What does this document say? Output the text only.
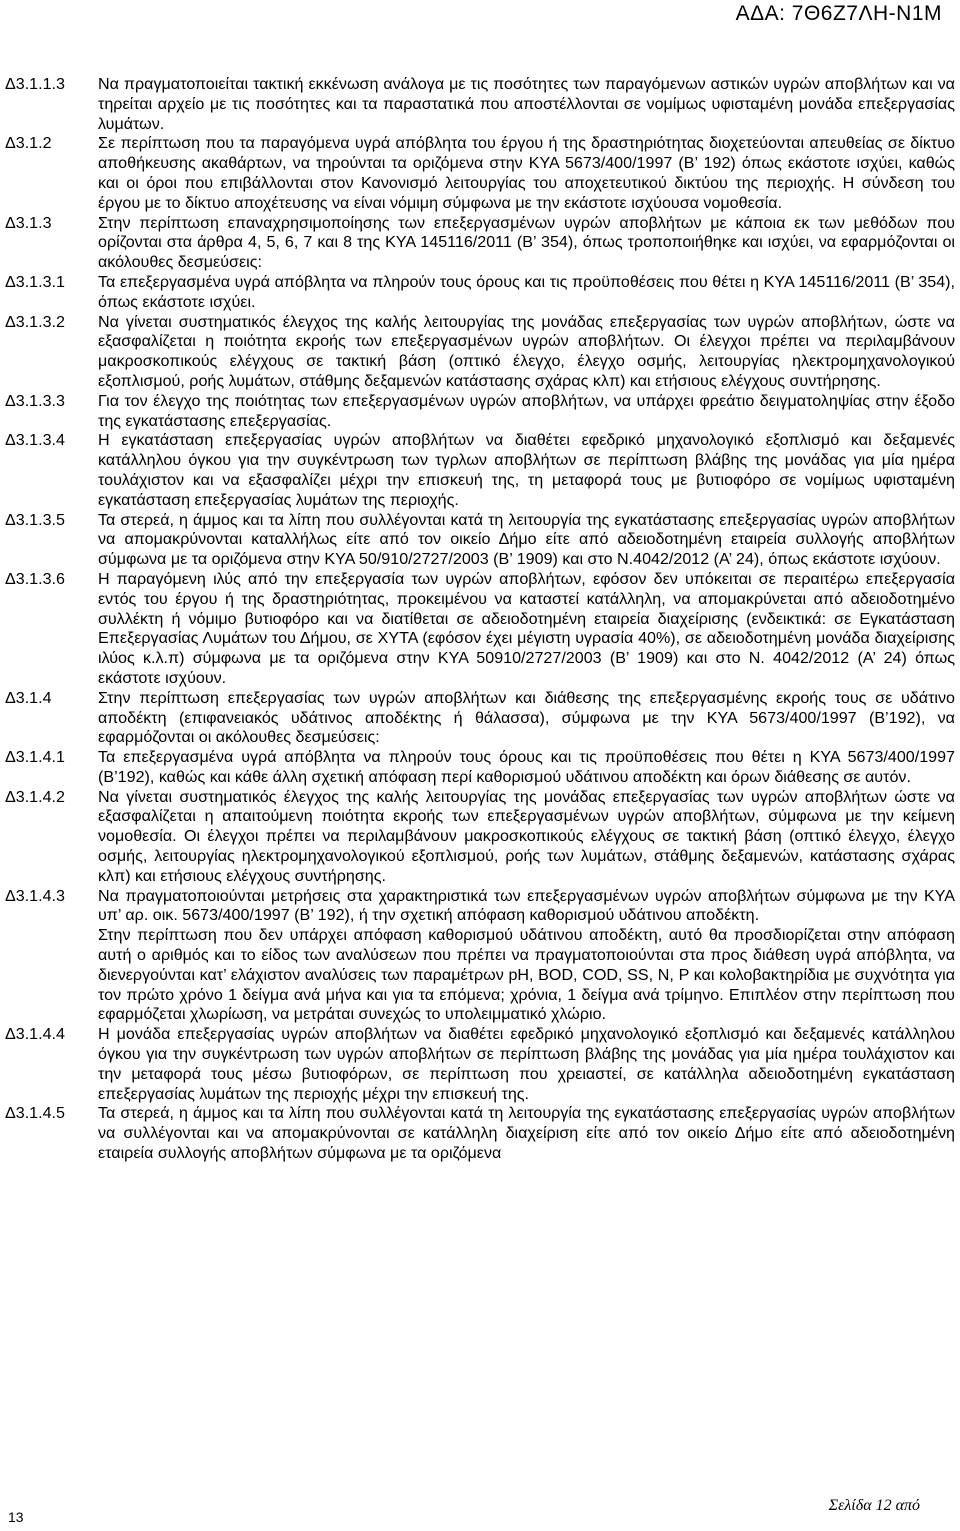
ΑΔΑ: 7Θ6Ζ7ΛΗ-Ν1Μ
Δ3.1.1.3	Να πραγματοποιείται τακτική εκκένωση ανάλογα με τις ποσότητες των παραγόμενων αστικών υγρών αποβλήτων και να τηρείται αρχείο με τις ποσότητες και τα παραστατικά που αποστέλλονται σε νομίμως υφισταμένη μονάδα επεξεργασίας λυμάτων.
Δ3.1.2	Σε περίπτωση που τα παραγόμενα υγρά απόβλητα του έργου ή της δραστηριότητας διοχετεύονται απευθείας σε δίκτυο αποθήκευσης ακαθάρτων, να τηρούνται τα οριζόμενα στην ΚΥΑ 5673/400/1997 (Β’ 192) όπως εκάστοτε ισχύει, καθώς και οι όροι που επιβάλλονται στον Κανονισμό λειτουργίας του αποχετευτικού δικτύου της περιοχής. Η σύνδεση του έργου με το δίκτυο αποχέτευσης να είναι νόμιμη σύμφωνα με την εκάστοτε ισχύουσα νομοθεσία.
Δ3.1.3	Στην περίπτωση επαναχρησιμοποίησης των επεξεργασμένων υγρών αποβλήτων με κάποια εκ των μεθόδων που ορίζονται στα άρθρα 4, 5, 6, 7 και 8 της ΚΥΑ 145116/2011 (Β’ 354), όπως τροποποιήθηκε και ισχύει, να εφαρμόζονται οι ακόλουθες δεσμεύσεις:
Δ3.1.3.1	Τα επεξεργασμένα υγρά απόβλητα να πληρούν τους όρους και τις προϋποθέσεις που θέτει η ΚΥΑ 145116/2011 (Β’ 354), όπως εκάστοτε ισχύει.
Δ3.1.3.2	Να γίνεται συστηματικός έλεγχος της καλής λειτουργίας της μονάδας επεξεργασίας των υγρών αποβλήτων, ώστε να εξασφαλίζεται η ποιότητα εκροής των επεξεργασμένων υγρών αποβλήτων. Οι έλεγχοι πρέπει να περιλαμβάνουν μακροσκοπικούς ελέγχους σε τακτική βάση (οπτικό έλεγχο, έλεγχο οσμής, λειτουργίας ηλεκτρομηχανολογικού εξοπλισμού, ροής λυμάτων, στάθμης δεξαμενών κατάστασης σχάρας κλπ) και ετήσιους ελέγχους συντήρησης.
Δ3.1.3.3	Για τον έλεγχο της ποιότητας των επεξεργασμένων υγρών αποβλήτων, να υπάρχει φρεάτιο δειγματοληψίας στην έξοδο της εγκατάστασης επεξεργασίας.
Δ3.1.3.4	Η εγκατάσταση επεξεργασίας υγρών αποβλήτων να διαθέτει εφεδρικό μηχανολογικό εξοπλισμό και δεξαμενές κατάλληλου όγκου για την συγκέντρωση των τγρλων αποβλήτων σε περίπτωση βλάβης της μονάδας για μία ημέρα τουλάχιστον και να εξασφαλίζει μέχρι την επισκευή της, τη μεταφορά τους με βυτιοφόρο σε νομίμως υφισταμένη εγκατάσταση επεξεργασίας λυμάτων της περιοχής.
Δ3.1.3.5	Τα στερεά, η άμμος και τα λίπη που συλλέγονται κατά τη λειτουργία της εγκατάστασης επεξεργασίας υγρών αποβλήτων να απομακρύνονται καταλλήλως είτε από τον οικείο Δήμο είτε από αδειοδοτημένη εταιρεία συλλογής αποβλήτων σύμφωνα με τα οριζόμενα στην ΚΥΑ 50/910/2727/2003 (Β’ 1909) και στο Ν.4042/2012 (Α’ 24), όπως εκάστοτε ισχύουν.
Δ3.1.3.6	Η παραγόμενη ιλύς από την επεξεργασία των υγρών αποβλήτων, εφόσον δεν υπόκειται σε περαιτέρω επεξεργασία εντός του έργου ή της δραστηριότητας, προκειμένου να καταστεί κατάλληλη, να απομακρύνεται από αδειοδοτημένο συλλέκτη ή νόμιμο βυτιοφόρο και να διατίθεται σε αδειοδοτημένη εταιρεία διαχείρισης (ενδεικτικά: σε Εγκατάσταση Επεξεργασίας Λυμάτων του Δήμου, σε ΧΥΤΑ (εφόσον έχει μέγιστη υγρασία 40%), σε αδειοδοτημένη μονάδα διαχείρισης ιλύος κ.λ.π) σύμφωνα με τα οριζόμενα στην ΚΥΑ 50910/2727/2003 (Β’ 1909) και στο Ν. 4042/2012 (Α’ 24) όπως εκάστοτε ισχύουν.
Δ3.1.4	Στην περίπτωση επεξεργασίας των υγρών αποβλήτων και διάθεσης της επεξεργασμένης εκροής τους σε υδάτινο αποδέκτη (επιφανειακός υδάτινος αποδέκτης ή θάλασσα), σύμφωνα με την ΚΥΑ 5673/400/1997 (Β’192), να εφαρμόζονται οι ακόλουθες δεσμεύσεις:
Δ3.1.4.1	Τα επεξεργασμένα υγρά απόβλητα να πληρούν τους όρους και τις προϋποθέσεις που θέτει η ΚΥΑ 5673/400/1997 (Β’192), καθώς και κάθε άλλη σχετική απόφαση περί καθορισμού υδάτινου αποδέκτη και όρων διάθεσης σε αυτόν.
Δ3.1.4.2	Να γίνεται συστηματικός έλεγχος της καλής λειτουργίας της μονάδας επεξεργασίας των υγρών αποβλήτων ώστε να εξασφαλίζεται η απαιτούμενη ποιότητα εκροής των επεξεργασμένων υγρών αποβλήτων, σύμφωνα με την κείμενη νομοθεσία. Οι έλεγχοι πρέπει να περιλαμβάνουν μακροσκοπικούς ελέγχους σε τακτική βάση (οπτικό έλεγχο, έλεγχο οσμής, λειτουργίας ηλεκτρομηχανολογικού εξοπλισμού, ροής των λυμάτων, στάθμης δεξαμενών, κατάστασης σχάρας κλπ) και ετήσιους ελέγχους συντήρησης.
Δ3.1.4.3	Να πραγματοποιούνται μετρήσεις στα χαρακτηριστικά των επεξεργασμένων υγρών αποβλήτων σύμφωνα με την ΚΥΑ υπ’ αρ. οικ. 5673/400/1997 (Β’ 192), ή την σχετική απόφαση καθορισμού υδάτινου αποδέκτη.
Στην περίπτωση που δεν υπάρχει απόφαση καθορισμού υδάτινου αποδέκτη, αυτό θα προσδιορίζεται στην απόφαση αυτή ο αριθμός και το είδος των αναλύσεων που πρέπει να πραγματοποιούνται στα προς διάθεση υγρά απόβλητα, να διενεργούνται κατ’ ελάχιστον αναλύσεις των παραμέτρων pH, BOD, COD, SS, N, P και κολοβακτηρίδια με συχνότητα για τον πρώτο χρόνο 1 δείγμα ανά μήνα και για τα επόμενα; χρόνια, 1 δείγμα ανά τρίμηνο. Επιπλέον στην περίπτωση που εφαρμόζεται χλωρίωση, να μετράται συνεχώς το υπολειμματικό χλώριο.
Δ3.1.4.4	Η μονάδα επεξεργασίας υγρών αποβλήτων να διαθέτει εφεδρικό μηχανολογικό εξοπλισμό και δεξαμενές κατάλληλου όγκου για την συγκέντρωση των υγρών αποβλήτων σε περίπτωση βλάβης της μονάδας για μία ημέρα τουλάχιστον και την μεταφορά τους μέσω βυτιοφόρων, σε περίπτωση που χρειαστεί, σε κατάλληλα αδειοδοτημένη εγκατάσταση επεξεργασίας λυμάτων της περιοχής μέχρι την επισκευή της.
Δ3.1.4.5	Τα στερεά, η άμμος και τα λίπη που συλλέγονται κατά τη λειτουργία της εγκατάστασης επεξεργασίας υγρών αποβλήτων να συλλέγονται και να απομακρύνονται σε κατάλληλη διαχείριση είτε από τον οικείο Δήμο είτε από αδειοδοτημένη εταιρεία συλλογής αποβλήτων σύμφωνα με τα οριζόμενα
13
Σελίδα 12 από
